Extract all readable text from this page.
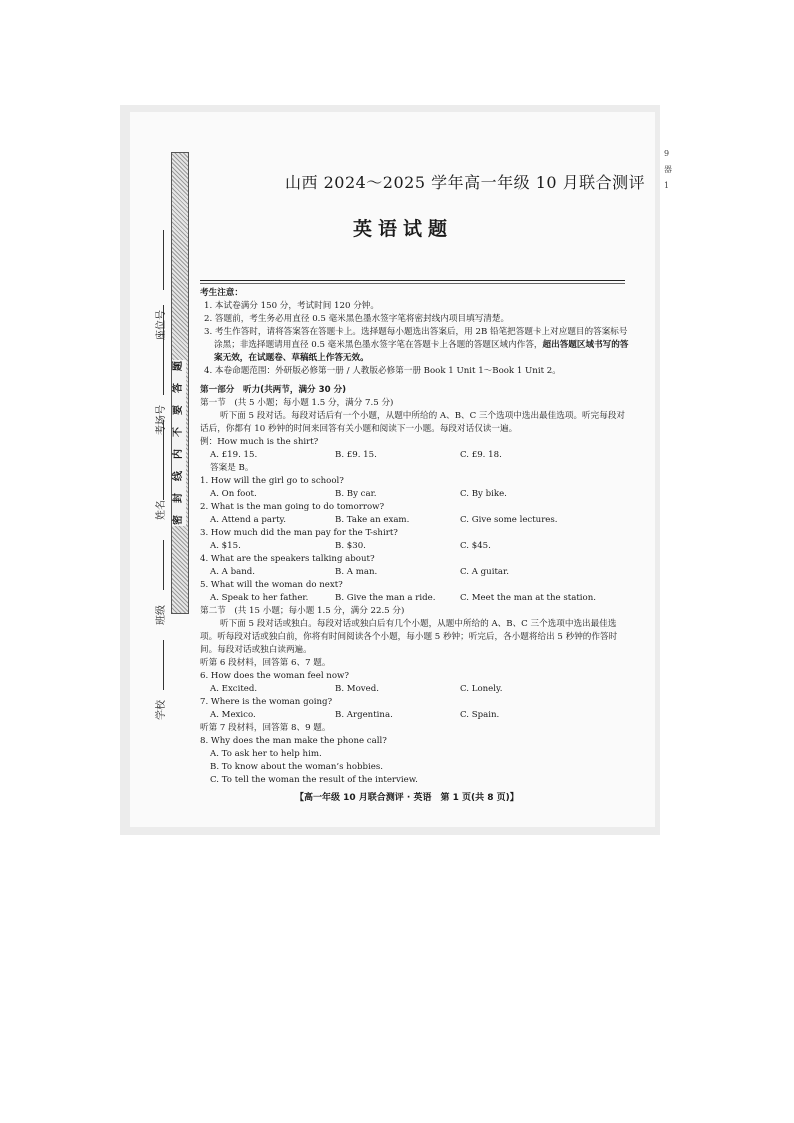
9
器
1
题
答
要
不
内
线
封
密
座位号
考场号
姓名
班级
学校
山西 2024～2025 学年高一年级 10 月联合测评
英语试题
考生注意：
1. 本试卷满分 150 分，考试时间 120 分钟。
2. 答题前，考生务必用直径 0.5 毫米黑色墨水签字笔将密封线内项目填写清楚。
3. 考生作答时，请将答案答在答题卡上。选择题每小题选出答案后，用 2B 铅笔把答题卡上对应题目的答案标号涂黑；非选择题请用直径 0.5 毫米黑色墨水签字笔在答题卡上各题的答题区域内作答，超出答题区域书写的答案无效，在试题卷、草稿纸上作答无效。
4. 本卷命题范围：外研版必修第一册 / 人教版必修第一册 Book 1 Unit 1～Book 1 Unit 2。
第一部分　听力(共两节，满分 30 分)
第一节　(共 5 小题；每小题 1.5 分，满分 7.5 分)
听下面 5 段对话。每段对话后有一个小题，从题中所给的 A、B、C 三个选项中选出最佳选项。听完每段对话后，你都有 10 秒钟的时间来回答有关小题和阅读下一小题。每段对话仅读一遍。
例：How much is the shirt?
A. £19. 15.	B. £9. 15.	C. £9. 18.
答案是 B。
1. How will the girl go to school?
A. On foot.	B. By car.	C. By bike.
2. What is the man going to do tomorrow?
A. Attend a party.	B. Take an exam.	C. Give some lectures.
3. How much did the man pay for the T-shirt?
A. $15.	B. $30.	C. $45.
4. What are the speakers talking about?
A. A band.	B. A man.	C. A guitar.
5. What will the woman do next?
A. Speak to her father.	B. Give the man a ride.	C. Meet the man at the station.
第二节　(共 15 小题；每小题 1.5 分，满分 22.5 分)
听下面 5 段对话或独白。每段对话或独白后有几个小题，从题中所给的 A、B、C 三个选项中选出最佳选项。听每段对话或独白前，你将有时间阅读各个小题，每小题 5 秒钟；听完后，各小题将给出 5 秒钟的作答时间。每段对话或独白读两遍。
听第 6 段材料，回答第 6、7 题。
6. How does the woman feel now?
A. Excited.	B. Moved.	C. Lonely.
7. Where is the woman going?
A. Mexico.	B. Argentina.	C. Spain.
听第 7 段材料，回答第 8、9 题。
8. Why does the man make the phone call?
A. To ask her to help him.
B. To know about the woman’s hobbies.
C. To tell the woman the result of the interview.
【高一年级 10 月联合测评 · 英语　第 1 页(共 8 页)】
